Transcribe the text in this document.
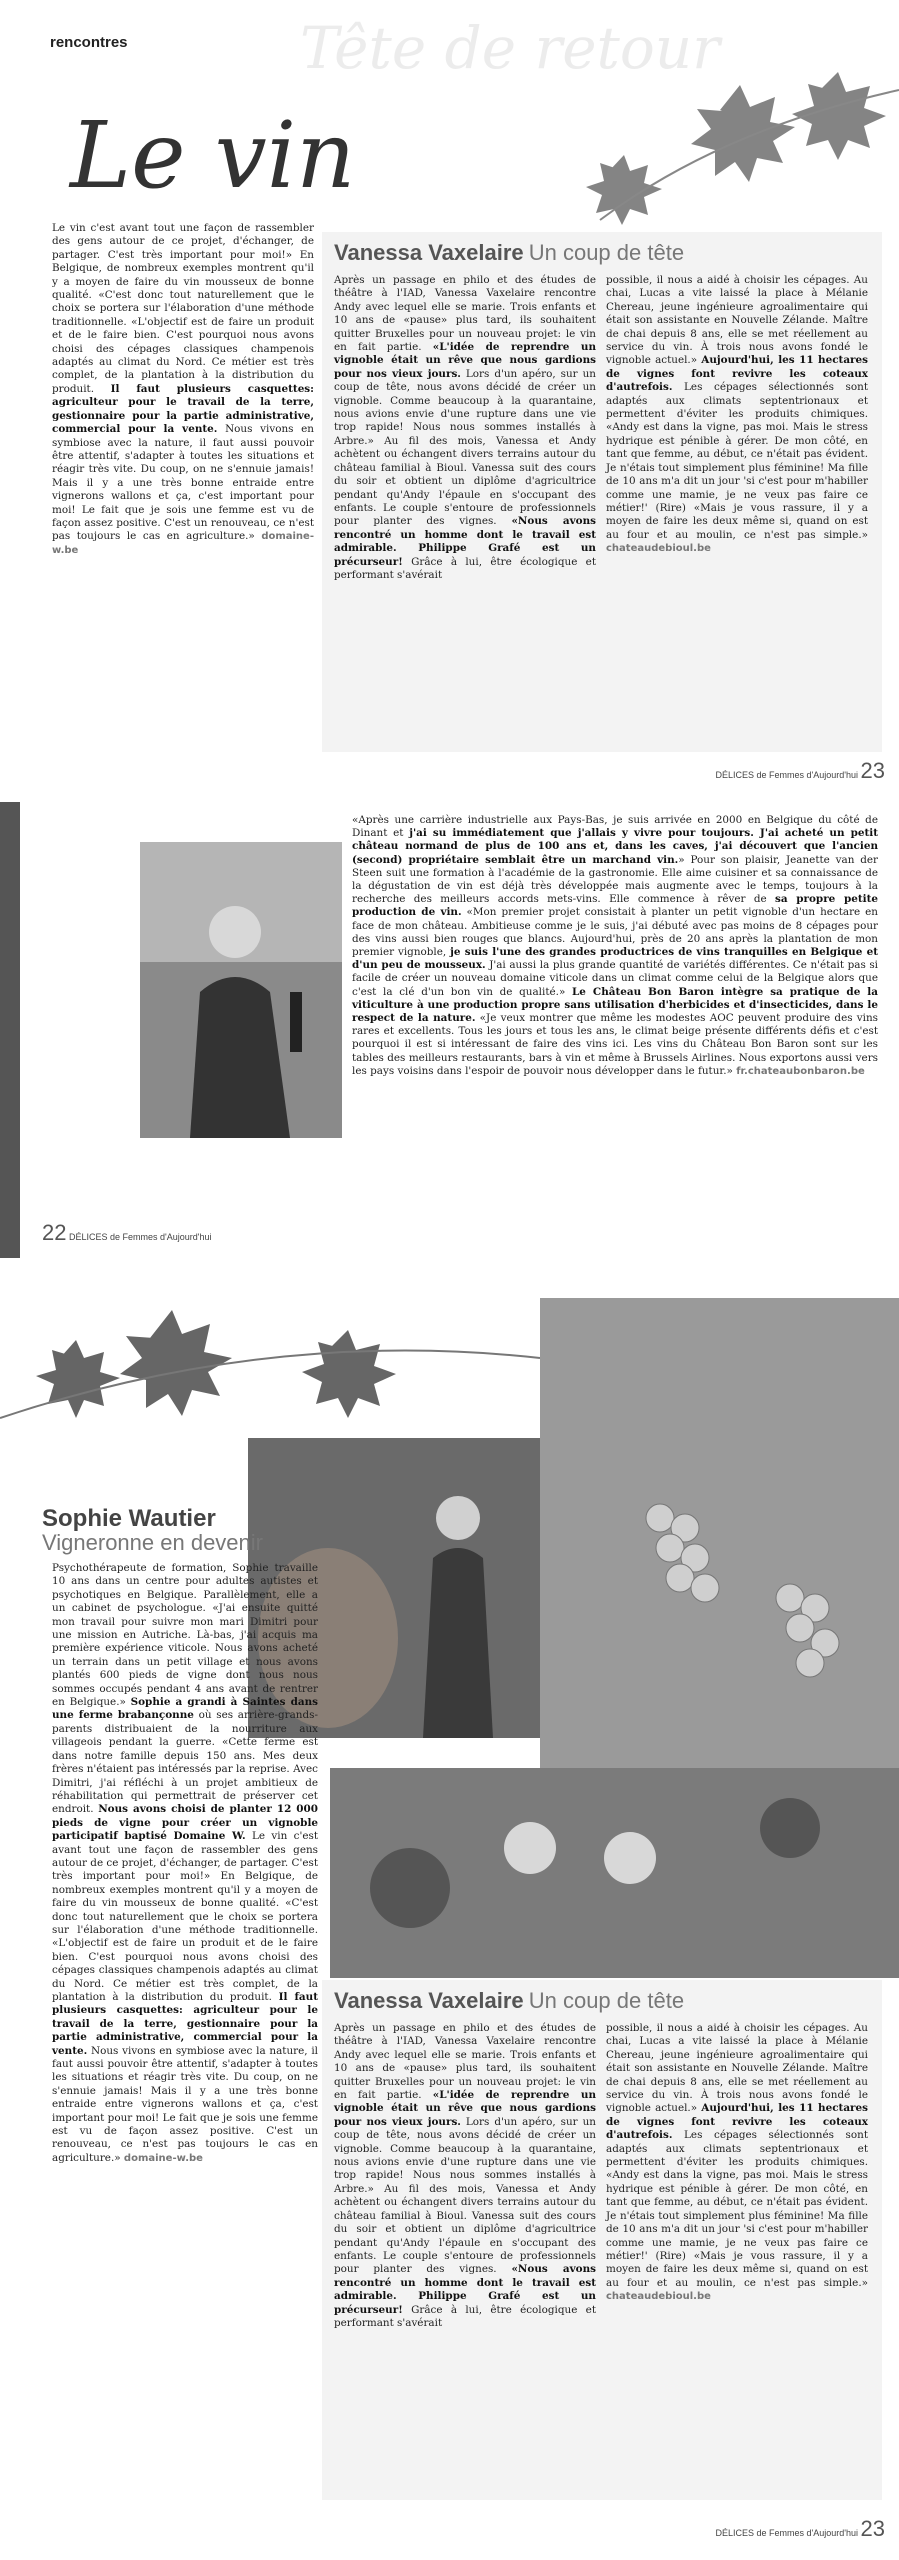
Tête de retour
rencontres
Le vin

Le vin c'est avant tout une façon de rassembler des gens autour de ce projet, d'échanger, de partager. C'est très important pour moi!» En Belgique, de nombreux exemples montrent qu'il y a moyen de faire du vin mousseux de bonne qualité. «C'est donc tout naturellement que le choix se portera sur l'élaboration d'une méthode traditionnelle. «L'objectif est de faire un produit et de le faire bien. C'est pourquoi nous avons choisi des cépages classiques champenois adaptés au climat du Nord. Ce métier est très complet, de la plantation à la distribution du produit. Il faut plusieurs casquettes: agriculteur pour le travail de la terre, gestionnaire pour la partie administrative, commercial pour la vente. Nous vivons en symbiose avec la nature, il faut aussi pouvoir être attentif, s'adapter à toutes les situations et réagir très vite. Du coup, on ne s'ennuie jamais! Mais il y a une très bonne entraide entre vignerons wallons et ça, c'est important pour moi! Le fait que je sois une femme est vu de façon assez positive. C'est un renouveau, ce n'est pas toujours le cas en agriculture.» domaine-w.be

Vanessa Vaxelaire Un coup de tête

Après un passage en philo et des études de théâtre à l'IAD, Vanessa Vaxelaire rencontre Andy avec lequel elle se marie. Trois enfants et 10 ans de «pause» plus tard, ils souhaitent quitter Bruxelles pour un nouveau projet: le vin en fait partie. «L'idée de reprendre un vignoble était un rêve que nous gardions pour nos vieux jours. Lors d'un apéro, sur un coup de tête, nous avons décidé de créer un vignoble. Comme beaucoup à la quarantaine, nous avions envie d'une rupture dans une vie trop rapide! Nous nous sommes installés à Arbre.» Au fil des mois, Vanessa et Andy achètent ou échangent divers terrains autour du château familial à Bioul. Vanessa suit des cours du soir et obtient un diplôme d'agricultrice pendant qu'Andy l'épaule en s'occupant des enfants. Le couple s'entoure de professionnels pour planter des vignes. «Nous avons rencontré un homme dont le travail est admirable. Philippe Grafé est un précurseur! Grâce à lui, être écologique et performant s'avérait

possible, il nous a aidé à choisir les cépages. Au chai, Lucas a vite laissé la place à Mélanie Chereau, jeune ingénieure agroalimentaire qui était son assistante en Nouvelle Zélande. Maître de chai depuis 8 ans, elle se met réellement au service du vin. À trois nous avons fondé le vignoble actuel.» Aujourd'hui, les 11 hectares de vignes font revivre les coteaux d'autrefois. Les cépages sélectionnés sont adaptés aux climats septentrionaux et permettent d'éviter les produits chimiques. «Andy est dans la vigne, pas moi. Mais le stress hydrique est pénible à gérer. De mon côté, en tant que femme, au début, ce n'était pas évident. Je n'étais tout simplement plus féminine! Ma fille de 10 ans m'a dit un jour 'si c'est pour m'habiller comme une mamie, je ne veux pas faire ce métier!' (Rire) «Mais je vous rassure, il y a moyen de faire les deux même si, quand on est au four et au moulin, ce n'est pas simple.» chateaudebioul.be

DÉLICES de Femmes d'Aujourd'hui 23

«Après une carrière industrielle aux Pays-Bas, je suis arrivée en 2000 en Belgique du côté de Dinant et j'ai su immédiatement que j'allais y vivre pour toujours. J'ai acheté un petit château normand de plus de 100 ans et, dans les caves, j'ai découvert que l'ancien (second) propriétaire semblait être un marchand vin.» Pour son plaisir, Jeanette van der Steen suit une formation à l'académie de la gastronomie. Elle aime cuisiner et sa connaissance de la dégustation de vin est déjà très développée mais augmente avec le temps, toujours à la recherche des meilleurs accords mets-vins. Elle commence à rêver de sa propre petite production de vin. «Mon premier projet consistait à planter un petit vignoble d'un hectare en face de mon château. Ambitieuse comme je le suis, j'ai débuté avec pas moins de 8 cépages pour des vins aussi bien rouges que blancs. Aujourd'hui, près de 20 ans après la plantation de mon premier vignoble, je suis l'une des grandes productrices de vins tranquilles en Belgique et d'un peu de mousseux. J'ai aussi la plus grande quantité de variétés différentes. Ce n'était pas si facile de créer un nouveau domaine viticole dans un climat comme celui de la Belgique alors que c'est la clé d'un bon vin de qualité.» Le Château Bon Baron intègre sa pratique de la viticulture à une production propre sans utilisation d'herbicides et d'insecticides, dans le respect de la nature. «Je veux montrer que même les modestes AOC peuvent produire des vins rares et excellents. Tous les jours et tous les ans, le climat beige présente différents défis et c'est pourquoi il est si intéressant de faire des vins ici. Les vins du Château Bon Baron sont sur les tables des meilleurs restaurants, bars à vin et même à Brussels Airlines. Nous exportons aussi vers les pays voisins dans l'espoir de pouvoir nous développer dans le futur.» fr.chateaubonbaron.be

22 DÉLICES de Femmes d'Aujourd'hui
Sophie Wautier
Vigneronne en devenir

Psychothérapeute de formation, Sophie travaille 10 ans dans un centre pour adultes autistes et psychotiques en Belgique. Parallèlement, elle a un cabinet de psychologue. «J'ai ensuite quitté mon travail pour suivre mon mari Dimitri pour une mission en Autriche. Là-bas, j'ai acquis ma première expérience viticole. Nous avons acheté un terrain dans un petit village et nous avons plantés 600 pieds de vigne dont nous nous sommes occupés pendant 4 ans avant de rentrer en Belgique.» Sophie a grandi à Saintes dans une ferme brabançonne où ses arrière-grands-parents distribuaient de la nourriture aux villageois pendant la guerre. «Cette ferme est dans notre famille depuis 150 ans. Mes deux frères n'étaient pas intéressés par la reprise. Avec Dimitri, j'ai réfléchi à un projet ambitieux de réhabilitation qui permettrait de préserver cet endroit. Nous avons choisi de planter 12 000 pieds de vigne pour créer un vignoble participatif baptisé Domaine W. Le vin c'est avant tout une façon de rassembler des gens autour de ce projet, d'échanger, de partager. C'est très important pour moi!» En Belgique, de nombreux exemples montrent qu'il y a moyen de faire du vin mousseux de bonne qualité. «C'est donc tout naturellement que le choix se portera sur l'élaboration d'une méthode traditionnelle. «L'objectif est de faire un produit et de le faire bien. C'est pourquoi nous avons choisi des cépages classiques champenois adaptés au climat du Nord. Ce métier est très complet, de la plantation à la distribution du produit. Il faut plusieurs casquettes: agriculteur pour le travail de la terre, gestionnaire pour la partie administrative, commercial pour la vente. Nous vivons en symbiose avec la nature, il faut aussi pouvoir être attentif, s'adapter à toutes les situations et réagir très vite. Du coup, on ne s'ennuie jamais! Mais il y a une très bonne entraide entre vignerons wallons et ça, c'est important pour moi! Le fait que je sois une femme est vu de façon assez positive. C'est un renouveau, ce n'est pas toujours le cas en agriculture.» domaine-w.be

Vanessa Vaxelaire Un coup de tête

Après un passage en philo et des études de théâtre à l'IAD, Vanessa Vaxelaire rencontre Andy avec lequel elle se marie. Trois enfants et 10 ans de «pause» plus tard, ils souhaitent quitter Bruxelles pour un nouveau projet: le vin en fait partie. «L'idée de reprendre un vignoble était un rêve que nous gardions pour nos vieux jours. Lors d'un apéro, sur un coup de tête, nous avons décidé de créer un vignoble. Comme beaucoup à la quarantaine, nous avions envie d'une rupture dans une vie trop rapide! Nous nous sommes installés à Arbre.» Au fil des mois, Vanessa et Andy achètent ou échangent divers terrains autour du château familial à Bioul. Vanessa suit des cours du soir et obtient un diplôme d'agricultrice pendant qu'Andy l'épaule en s'occupant des enfants. Le couple s'entoure de professionnels pour planter des vignes. «Nous avons rencontré un homme dont le travail est admirable. Philippe Grafé est un précurseur! Grâce à lui, être écologique et performant s'avérait

possible, il nous a aidé à choisir les cépages. Au chai, Lucas a vite laissé la place à Mélanie Chereau, jeune ingénieure agroalimentaire qui était son assistante en Nouvelle Zélande. Maître de chai depuis 8 ans, elle se met réellement au service du vin. À trois nous avons fondé le vignoble actuel.» Aujourd'hui, les 11 hectares de vignes font revivre les coteaux d'autrefois. Les cépages sélectionnés sont adaptés aux climats septentrionaux et permettent d'éviter les produits chimiques. «Andy est dans la vigne, pas moi. Mais le stress hydrique est pénible à gérer. De mon côté, en tant que femme, au début, ce n'était pas évident. Je n'étais tout simplement plus féminine! Ma fille de 10 ans m'a dit un jour 'si c'est pour m'habiller comme une mamie, je ne veux pas faire ce métier!' (Rire) «Mais je vous rassure, il y a moyen de faire les deux même si, quand on est au four et au moulin, ce n'est pas simple.» chateaudebioul.be

DÉLICES de Femmes d'Aujourd'hui 23
